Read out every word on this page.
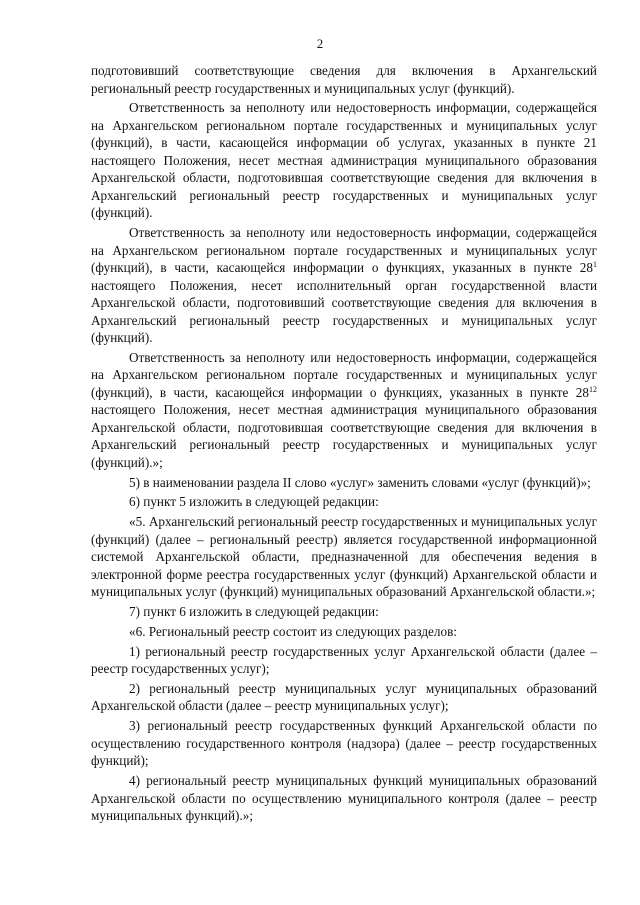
2

подготовивший соответствующие сведения для включения в Архангельский региональный реестр государственных и муниципальных услуг (функций).

Ответственность за неполноту или недостоверность информации, содержащейся на Архангельском региональном портале государственных и муниципальных услуг (функций), в части, касающейся информации об услугах, указанных в пункте 21 настоящего Положения, несет местная администрация муниципального образования Архангельской области, подготовившая соответствующие сведения для включения в Архангельский региональный реестр государственных и муниципальных услуг (функций).

Ответственность за неполноту или недостоверность информации, содержащейся на Архангельском региональном портале государственных и муниципальных услуг (функций), в части, касающейся информации о функциях, указанных в пункте $28^1$ настоящего Положения, несет исполнительный орган государственной власти Архангельской области, подготовивший соответствующие сведения для включения в Архангельский региональный реестр государственных и муниципальных услуг (функций).

Ответственность за неполноту или недостоверность информации, содержащейся на Архангельском региональном портале государственных и муниципальных услуг (функций), в части, касающейся информации о функциях, указанных в пункте $28^{12}$ настоящего Положения, несет местная администрация муниципального образования Архангельской области, подготовившая соответствующие сведения для включения в Архангельский региональный реестр государственных и муниципальных услуг (функций).»;

5) в наименовании раздела II слово «услуг» заменить словами «услуг (функций)»;

6) пункт 5 изложить в следующей редакции:

«5. Архангельский региональный реестр государственных и муниципальных услуг (функций) (далее – региональный реестр) является государственной информационной системой Архангельской области, предназначенной для обеспечения ведения в электронной форме реестра государственных услуг (функций) Архангельской области и муниципальных услуг (функций) муниципальных образований Архангельской области.»;

7) пункт 6 изложить в следующей редакции:

«6. Региональный реестр состоит из следующих разделов:

1) региональный реестр государственных услуг Архангельской области (далее – реестр государственных услуг);

2) региональный реестр муниципальных услуг муниципальных образований Архангельской области (далее – реестр муниципальных услуг);

3) региональный реестр государственных функций Архангельской области по осуществлению государственного контроля (надзора) (далее – реестр государственных функций);

4) региональный реестр муниципальных функций муниципальных образований Архангельской области по осуществлению муниципального контроля (далее – реестр муниципальных функций).»;
